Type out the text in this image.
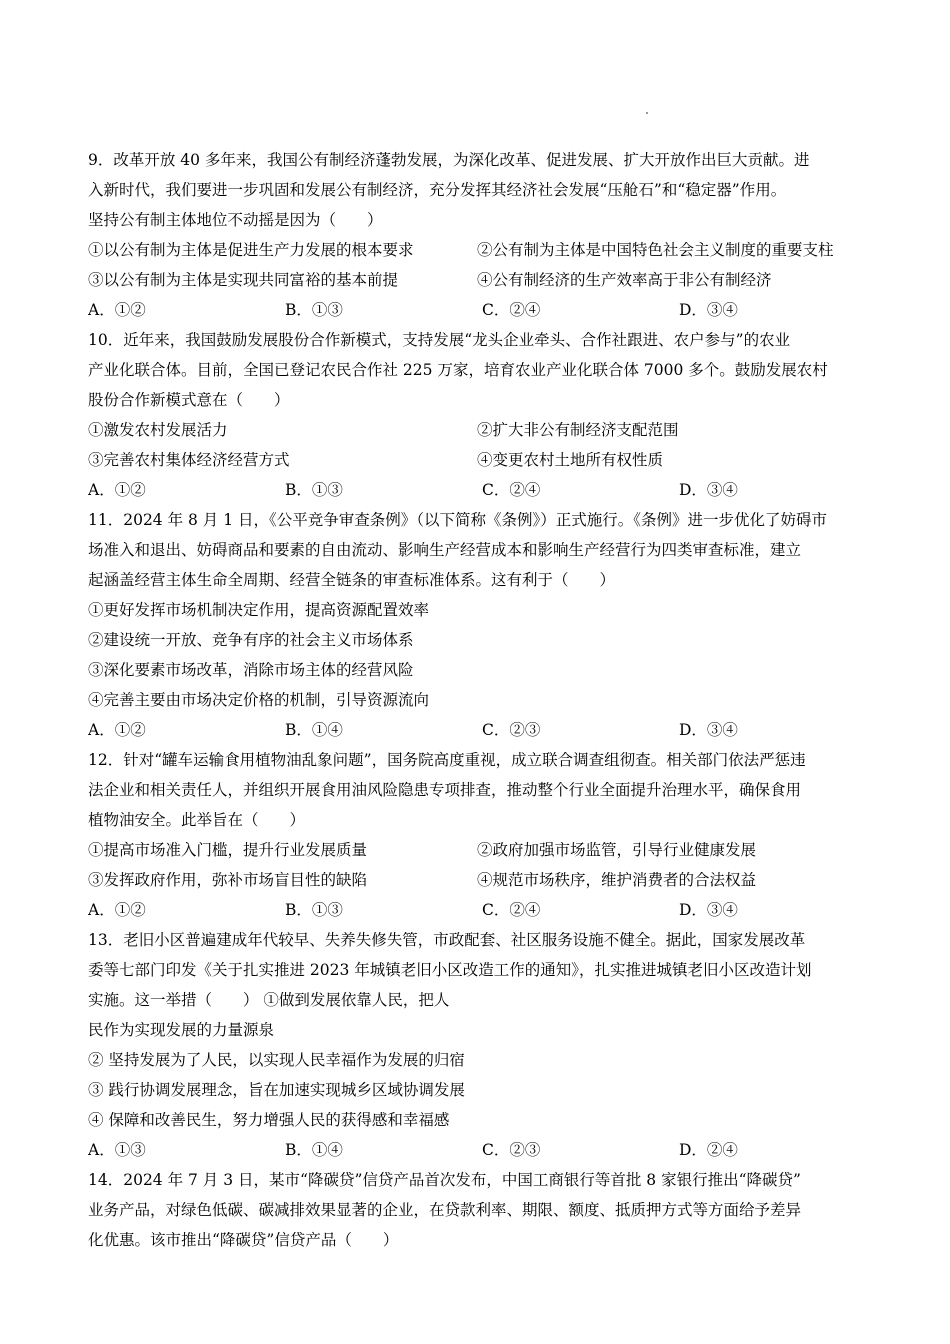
9．改革开放 40 多年来，我国公有制经济蓬勃发展，为深化改革、促进发展、扩大开放作出巨大贡献。进
入新时代，我们要进一步巩固和发展公有制经济，充分发挥其经济社会发展“压舱石”和“稳定器”作用。
坚持公有制主体地位不动摇是因为（　　）
①以公有制为主体是促进生产力发展的根本要求	②公有制为主体是中国特色社会主义制度的重要支柱
③以公有制为主体是实现共同富裕的基本前提	④公有制经济的生产效率高于非公有制经济
A．①②	B．①③	C．②④	D．③④
10．近年来，我国鼓励发展股份合作新模式，支持发展“龙头企业牵头、合作社跟进、农户参与”的农业
产业化联合体。目前，全国已登记农民合作社 225 万家，培育农业产业化联合体 7000 多个。鼓励发展农村
股份合作新模式意在（　　）
①激发农村发展活力	②扩大非公有制经济支配范围
③完善农村集体经济经营方式	④变更农村土地所有权性质
A．①②	B．①③	C．②④	D．③④
11．2024 年 8 月 1 日，《公平竞争审查条例》（以下简称《条例》）正式施行。《条例》进一步优化了妨碍市
场准入和退出、妨碍商品和要素的自由流动、影响生产经营成本和影响生产经营行为四类审查标准，建立
起涵盖经营主体生命全周期、经营全链条的审查标准体系。这有利于（　　）
①更好发挥市场机制决定作用，提高资源配置效率
②建设统一开放、竞争有序的社会主义市场体系
③深化要素市场改革，消除市场主体的经营风险
④完善主要由市场决定价格的机制，引导资源流向
A．①②	B．①④	C．②③	D．③④
12．针对“罐车运输食用植物油乱象问题”，国务院高度重视，成立联合调查组彻查。相关部门依法严惩违
法企业和相关责任人，并组织开展食用油风险隐患专项排查，推动整个行业全面提升治理水平，确保食用
植物油安全。此举旨在（　　）
①提高市场准入门槛，提升行业发展质量	②政府加强市场监管，引导行业健康发展
③发挥政府作用，弥补市场盲目性的缺陷	④规范市场秩序，维护消费者的合法权益
A．①②	B．①③	C．②④	D．③④
13．老旧小区普遍建成年代较早、失养失修失管，市政配套、社区服务设施不健全。据此，国家发展改革
委等七部门印发《关于扎实推进 2023 年城镇老旧小区改造工作的通知》，扎实推进城镇老旧小区改造计划
实施。这一举措（　　） ①做到发展依靠人民，把人
民作为实现发展的力量源泉
② 坚持发展为了人民，以实现人民幸福作为发展的归宿
③ 践行协调发展理念，旨在加速实现城乡区域协调发展
④ 保障和改善民生，努力增强人民的获得感和幸福感
A．①③	B．①④	C．②③	D．②④
14．2024 年 7 月 3 日，某市“降碳贷”信贷产品首次发布，中国工商银行等首批 8 家银行推出“降碳贷”
业务产品，对绿色低碳、碳减排效果显著的企业，在贷款利率、期限、额度、抵质押方式等方面给予差异
化优惠。该市推出“降碳贷”信贷产品（　　）
